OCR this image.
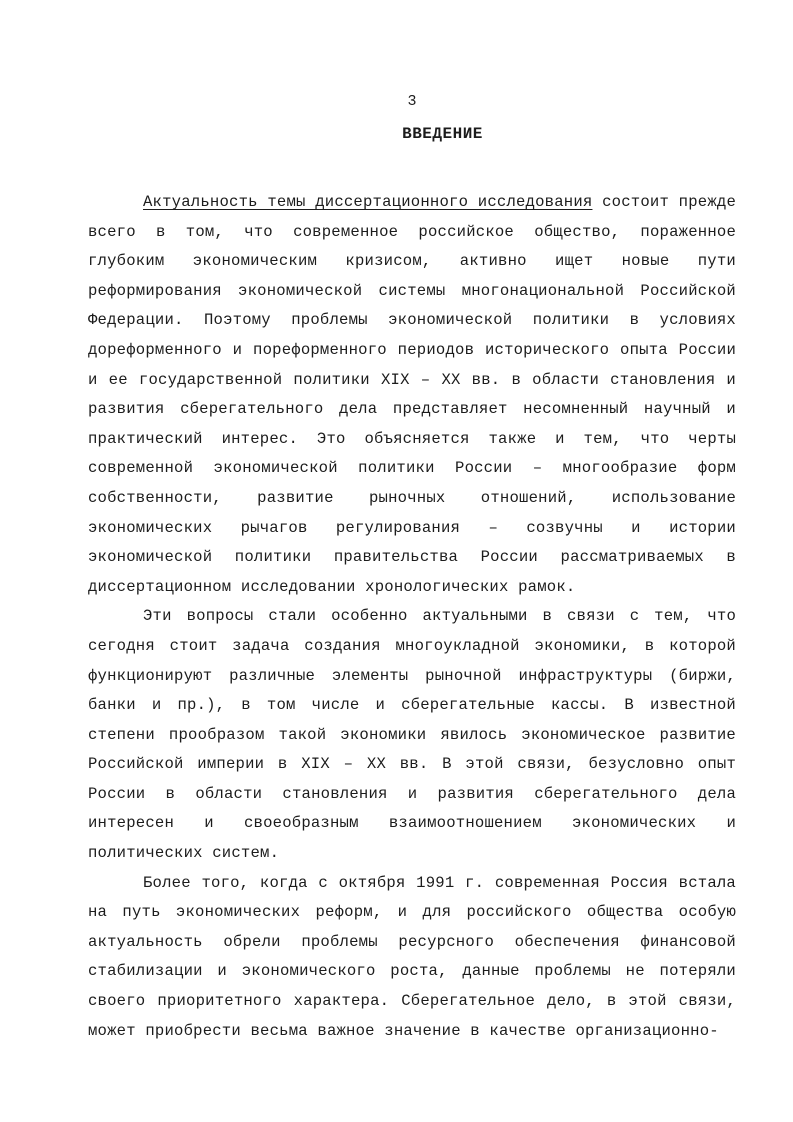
3
ВВЕДЕНИЕ

Актуальность темы диссертационного исследования состоит прежде всего в том, что современное российское общество, пораженное глубоким экономическим кризисом, активно ищет новые пути реформирования экономической системы многонациональной Российской Федерации. Поэтому проблемы экономической политики в условиях дореформенного и пореформенного периодов исторического опыта России и ее государственной политики XIX – XX вв. в области становления и развития сберегательного дела представляет несомненный научный и практический интерес. Это объясняется также и тем, что черты современной экономической политики России – многообразие форм собственности, развитие рыночных отношений, использование экономических рычагов регулирования – созвучны и истории экономической политики правительства России рассматриваемых в диссертационном исследовании хронологических рамок.

Эти вопросы стали особенно актуальными в связи с тем, что сегодня стоит задача создания многоукладной экономики, в которой функционируют различные элементы рыночной инфраструктуры (биржи, банки и пр.), в том числе и сберегательные кассы. В известной степени прообразом такой экономики явилось экономическое развитие Российской империи в XIX – XX вв. В этой связи, безусловно опыт России в области становления и развития сберегательного дела интересен и своеобразным взаимоотношением экономических и политических систем.

Более того, когда с октября 1991 г. современная Россия встала на путь экономических реформ, и для российского общества особую актуальность обрели проблемы ресурсного обеспечения финансовой стабилизации и экономического роста, данные проблемы не потеряли своего приоритетного характера. Сберегательное дело, в этой связи, может приобрести весьма важное значение в качестве организационно-
